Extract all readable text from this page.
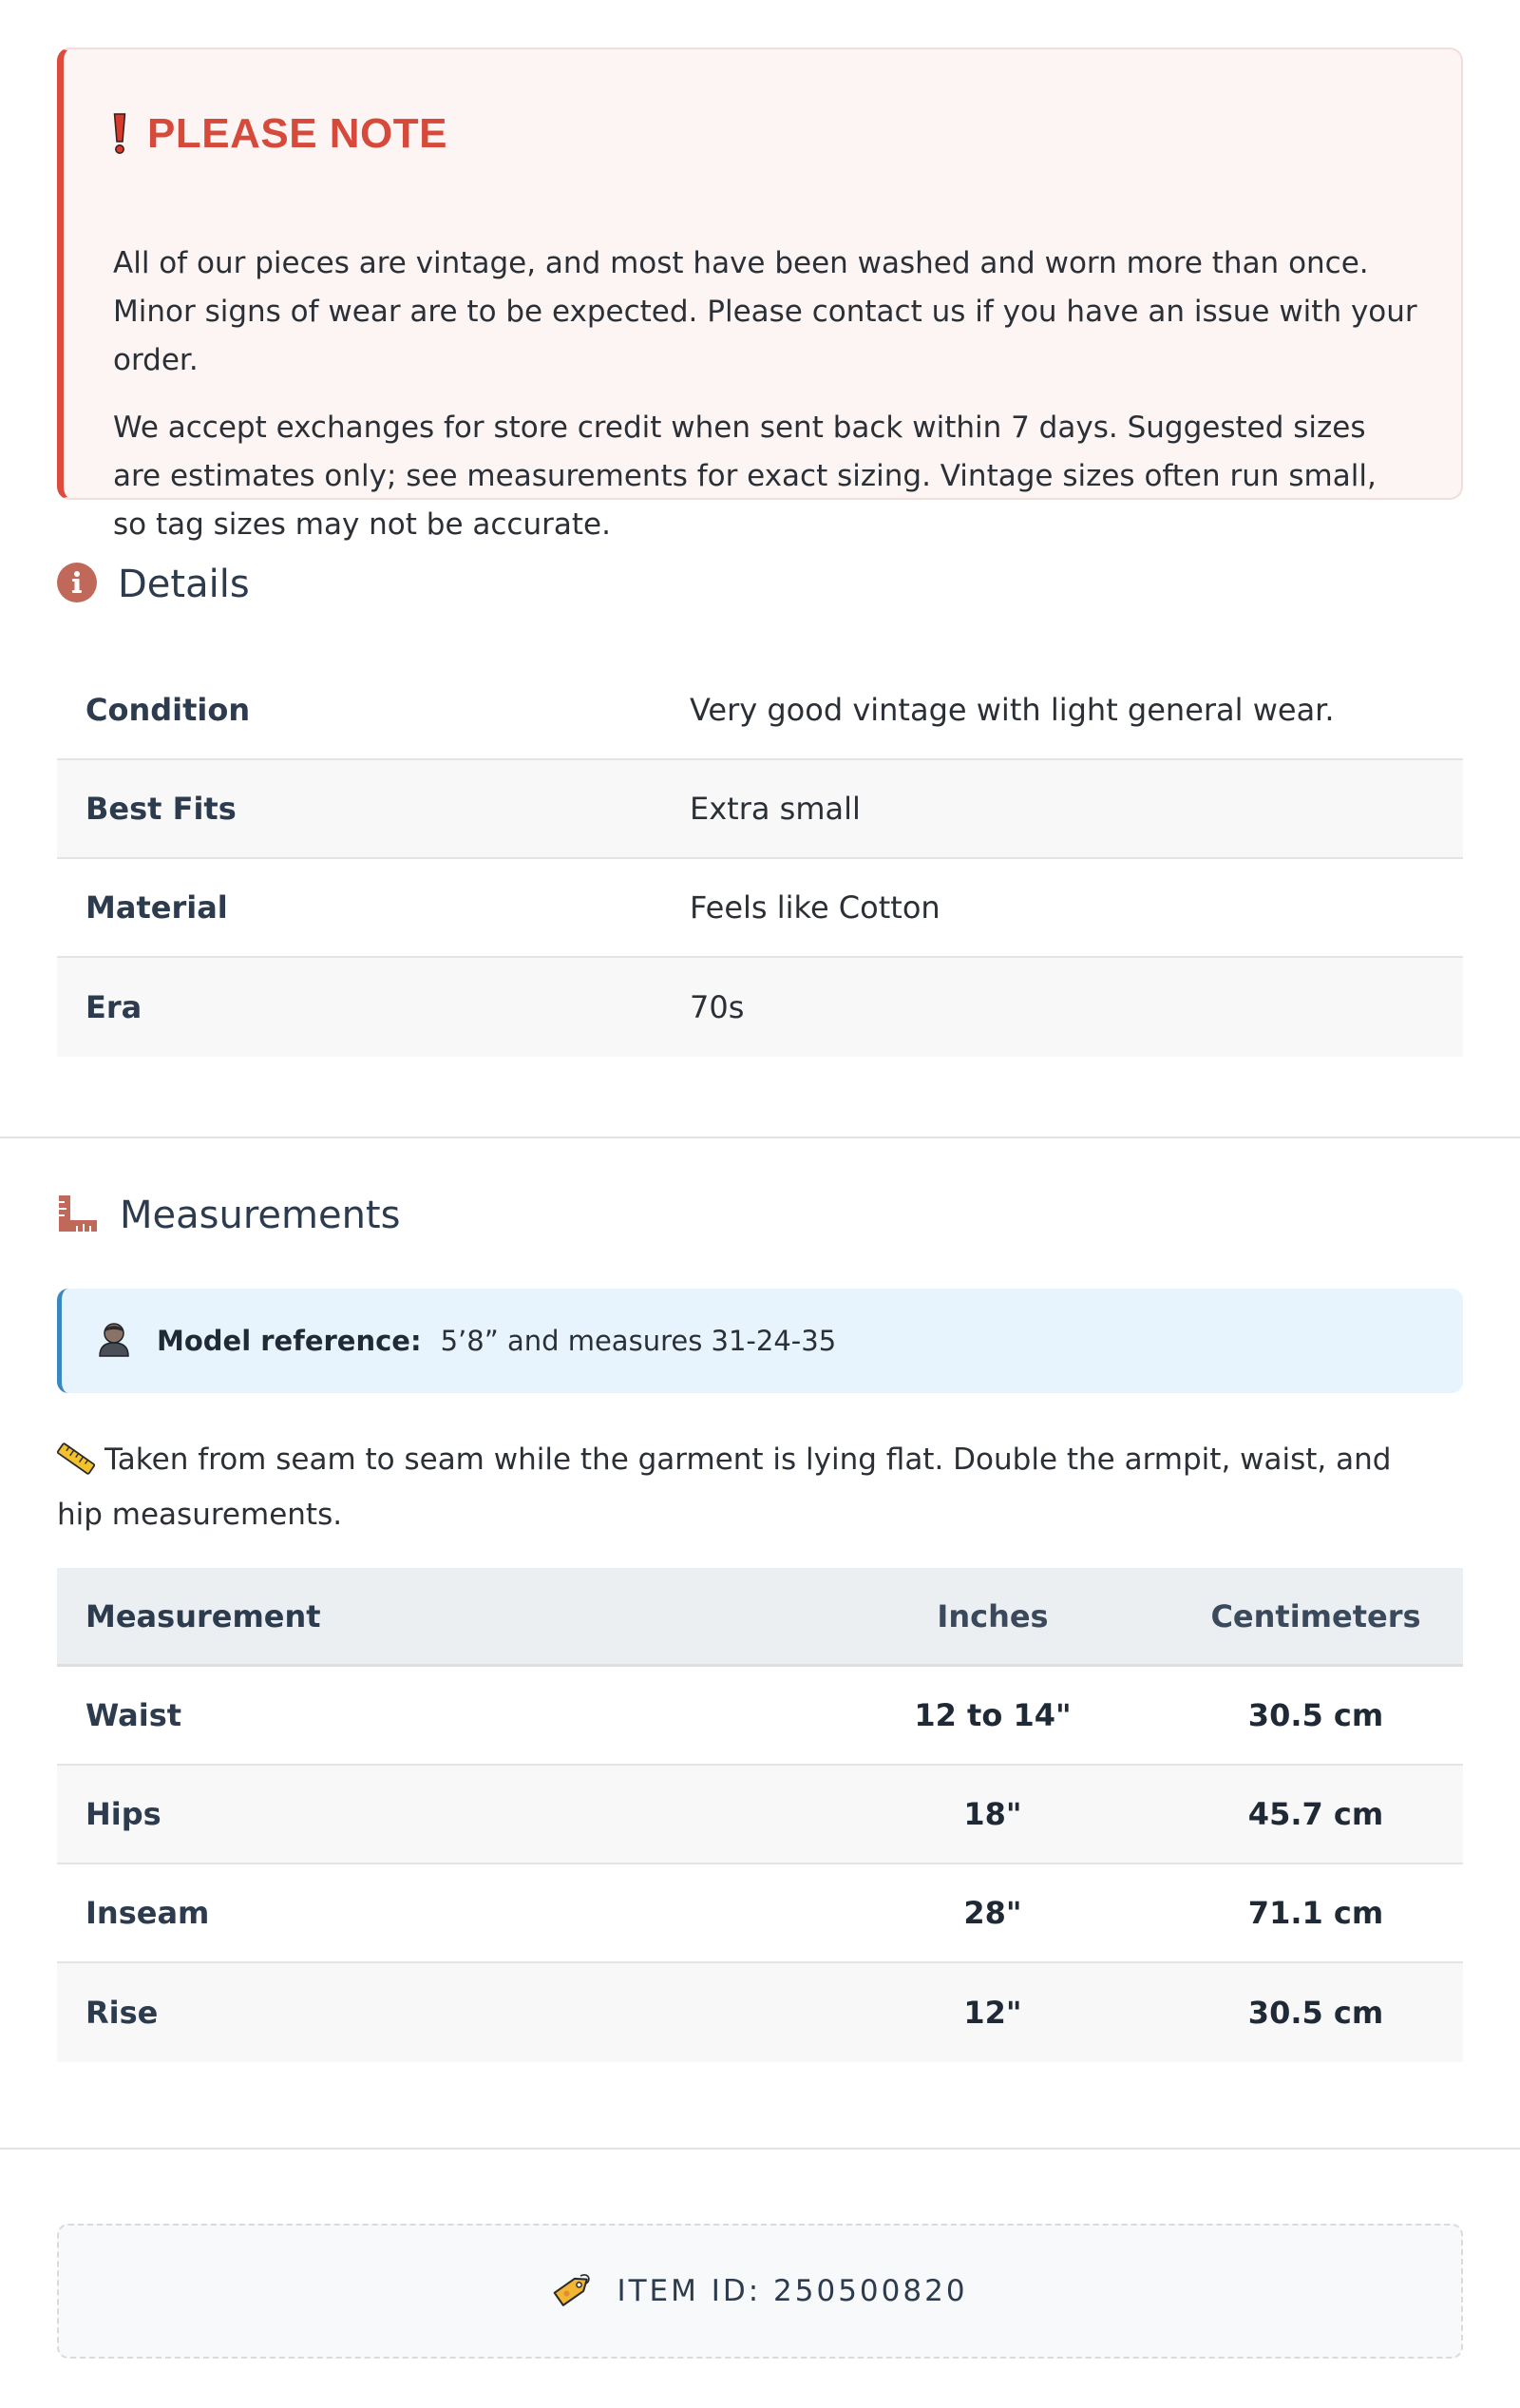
PLEASE NOTE

All of our pieces are vintage, and most have been washed and worn more than once. Minor signs of wear are to be expected. Please contact us if you have an issue with your order.

We accept exchanges for store credit when sent back within 7 days. Suggested sizes are estimates only; see measurements for exact sizing. Vintage sizes often run small, so tag sizes may not be accurate.

Details
Condition	Very good vintage with light general wear.
Best Fits	Extra small
Material	Feels like Cotton
Era	70s
Measurements
Model reference: 5’8” and measures 31-24-35

Taken from seam to seam while the garment is lying flat. Double the armpit, waist, and hip measurements.

Measurement	Inches	Centimeters
Waist	12 to 14"	30.5 cm
Hips	18"	45.7 cm
Inseam	28"	71.1 cm
Rise	12"	30.5 cm
ITEM ID: 250500820
